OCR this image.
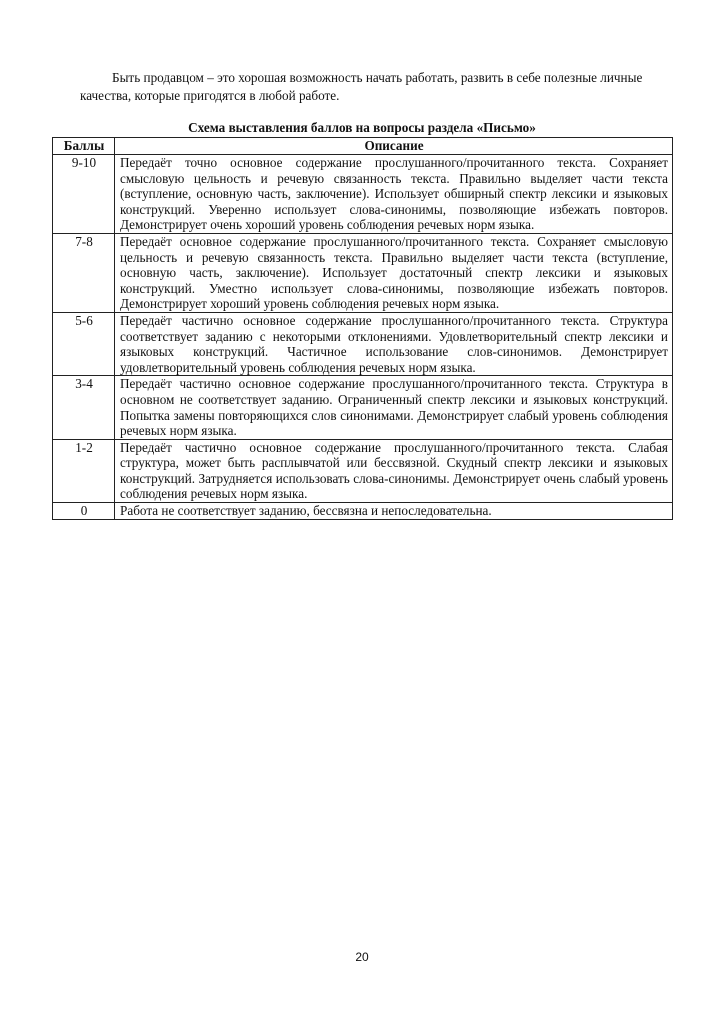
Быть продавцом – это хорошая возможность начать работать, развить в себе полезные личные качества, которые пригодятся в любой работе.

Схема выставления баллов на вопросы раздела «Письмо»
Баллы	Описание
9-10	Передаёт точно основное содержание прослушанного/прочитанного текста. Сохраняет смысловую цельность и речевую связанность текста. Правильно выделяет части текста (вступление, основную часть, заключение). Использует обширный спектр лексики и языковых конструкций. Уверенно использует слова-синонимы, позволяющие избежать повторов. Демонстрирует очень хороший уровень соблюдения речевых норм языка.
7-8	Передаёт основное содержание прослушанного/прочитанного текста. Сохраняет смысловую цельность и речевую связанность текста. Правильно выделяет части текста (вступление, основную часть, заключение). Использует достаточный спектр лексики и языковых конструкций. Уместно использует слова-синонимы, позволяющие избежать повторов. Демонстрирует хороший уровень соблюдения речевых норм языка.
5-6	Передаёт частично основное содержание прослушанного/прочитанного текста. Структура соответствует заданию с некоторыми отклонениями. Удовлетворительный спектр лексики и языковых конструкций. Частичное использование слов-синонимов. Демонстрирует удовлетворительный уровень соблюдения речевых норм языка.
3-4	Передаёт частично основное содержание прослушанного/прочитанного текста. Структура в основном не соответствует заданию. Ограниченный спектр лексики и языковых конструкций. Попытка замены повторяющихся слов синонимами. Демонстрирует слабый уровень соблюдения речевых норм языка.
1-2	Передаёт частично основное содержание прослушанного/прочитанного текста. Слабая структура, может быть расплывчатой или бессвязной. Скудный спектр лексики и языковых конструкций. Затрудняется использовать слова-синонимы. Демонстрирует очень слабый уровень соблюдения речевых норм языка.
0	Работа не соответствует заданию, бессвязна и непоследовательна.
20
